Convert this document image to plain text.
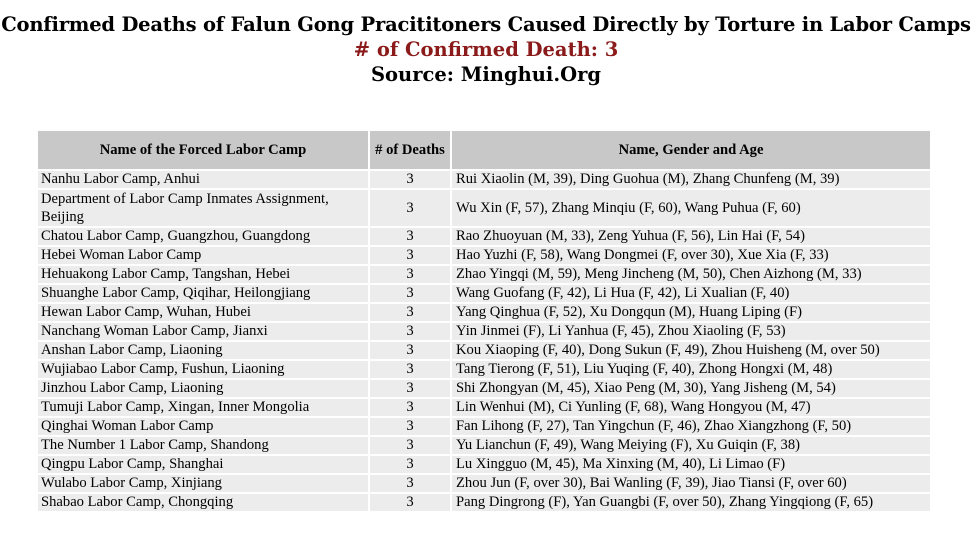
Confirmed Deaths of Falun Gong Pracititoners Caused Directly by Torture in Labor Camps
# of Confirmed Death: 3
Source: Minghui.Org
Name of the Forced Labor Camp	# of Deaths	Name, Gender and Age
Nanhu Labor Camp, Anhui	3	Rui Xiaolin (M, 39), Ding Guohua (M), Zhang Chunfeng (M, 39)
Department of Labor Camp Inmates Assignment, Beijing	3	Wu Xin (F, 57), Zhang Minqiu (F, 60), Wang Puhua (F, 60)
Chatou Labor Camp, Guangzhou, Guangdong	3	Rao Zhuoyuan (M, 33), Zeng Yuhua (F, 56), Lin Hai (F, 54)
Hebei Woman Labor Camp	3	Hao Yuzhi (F, 58), Wang Dongmei (F, over 30), Xue Xia (F, 33)
Hehuakong Labor Camp, Tangshan, Hebei	3	Zhao Yingqi (M, 59), Meng Jincheng (M, 50), Chen Aizhong (M, 33)
Shuanghe Labor Camp, Qiqihar, Heilongjiang	3	Wang Guofang (F, 42), Li Hua (F, 42), Li Xualian (F, 40)
Hewan Labor Camp, Wuhan, Hubei	3	Yang Qinghua (F, 52), Xu Dongqun (M), Huang Liping (F)
Nanchang Woman Labor Camp, Jianxi	3	Yin Jinmei (F), Li Yanhua (F, 45), Zhou Xiaoling (F, 53)
Anshan Labor Camp, Liaoning	3	Kou Xiaoping (F, 40), Dong Sukun (F, 49), Zhou Huisheng (M, over 50)
Wujiabao Labor Camp, Fushun, Liaoning	3	Tang Tierong (F, 51), Liu Yuqing (F, 40), Zhong Hongxi (M, 48)
Jinzhou Labor Camp, Liaoning	3	Shi Zhongyan (M, 45), Xiao Peng (M, 30), Yang Jisheng (M, 54)
Tumuji Labor Camp, Xingan, Inner Mongolia	3	Lin Wenhui (M), Ci Yunling (F, 68), Wang Hongyou (M, 47)
Qinghai Woman Labor Camp	3	Fan Lihong (F, 27), Tan Yingchun (F, 46), Zhao Xiangzhong (F, 50)
The Number 1 Labor Camp, Shandong	3	Yu Lianchun (F, 49), Wang Meiying (F), Xu Guiqin (F, 38)
Qingpu Labor Camp, Shanghai	3	Lu Xingguo (M, 45), Ma Xinxing (M, 40), Li Limao (F)
Wulabo Labor Camp, Xinjiang	3	Zhou Jun (F, over 30), Bai Wanling (F, 39), Jiao Tiansi (F, over 60)
Shabao Labor Camp, Chongqing	3	Pang Dingrong (F), Yan Guangbi (F, over 50), Zhang Yingqiong (F, 65)
